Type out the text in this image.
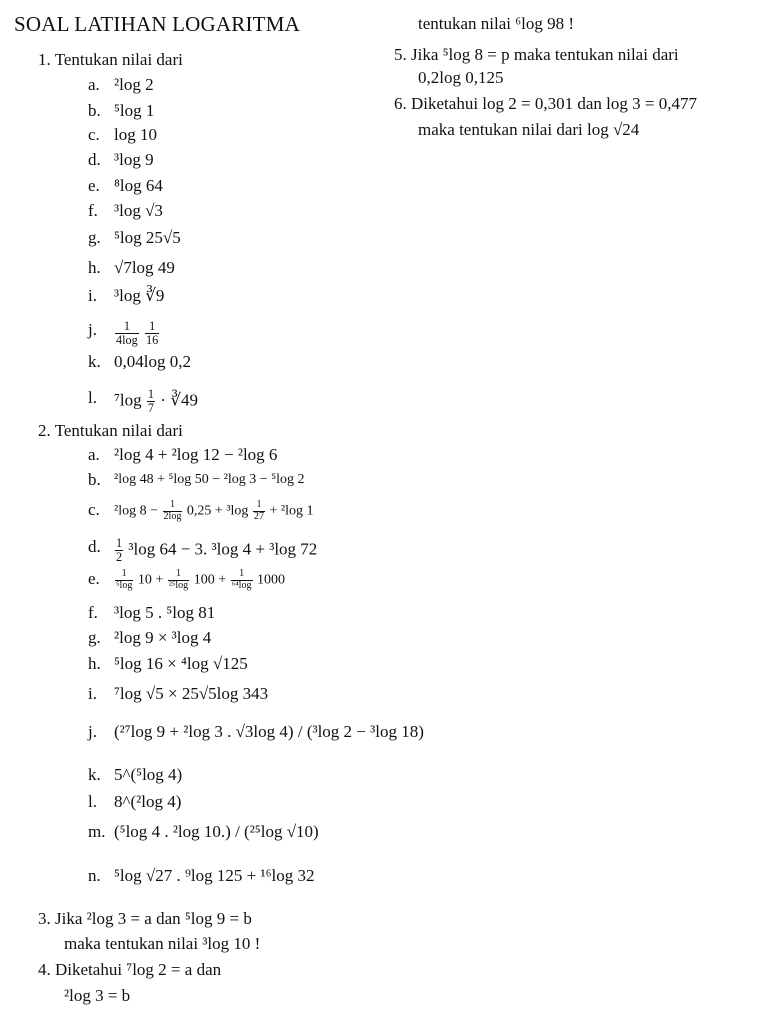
SOAL LATIHAN LOGARITMA
1. Tentukan nilai dari
a. ²log 2
b. ⁵log 1
c. log 10
d. ³log 9
e. ⁸log 64
f. ³log √3
g. ⁵log 25√5
h. √7log 49
i. ³log ∛9
j. $\frac{1}{4\log}$
$\frac{1}{16}$
k. 0,04log 0,2
l. $^7\log \frac{1}{7}$ · ∛49
2. Tentukan nilai dari
a. ²log 4 + ²log 12 − ²log 6
b. ²log 48 + ⁵log 50 − ²log 3 − ⁵log 2
c. ²log $8 - \frac{1}{2\log} 0,25 + ^3\log \frac{1}{27} + ^2\log$ 1
d. $\frac{1}{2} ^3\log$ 64 − 3. ³log 4 + ³log 72
e. $\frac{1}{\text{⁵log}} 10 + \frac{1}{\text{²⁵log}} 100 + \frac{1}{\text{⁶⁴log}} 1000$
f. ³log 5 . ⁵log 81
g. ²log 9 × ³log 4
h. ⁵log 16 × ⁴log √125
i. ⁷log √5 × 25√5log 343
j. (²⁷log 9 + ²log 3 . √3log 4) / (³log 2 − ³log 18)
k. 5^(⁵log 4)
l. 8^(²log 4)
m. (⁵log 4 . ²log 10.) / (²⁵log √10)
n. ⁵log √27 . ⁹log 125 + ¹⁶log 32
3. Jika ²log 3 = a dan ⁵log 9 = b
maka tentukan nilai ³log 10 !
4. Diketahui ⁷log 2 = a dan
²log 3 = b
tentukan nilai ⁶log 98 !
5. Jika ⁵log 8 = p maka tentukan nilai dari
0,2log 0,125
6. Diketahui log 2 = 0,301 dan log 3 = 0,477
maka tentukan nilai dari log √24
